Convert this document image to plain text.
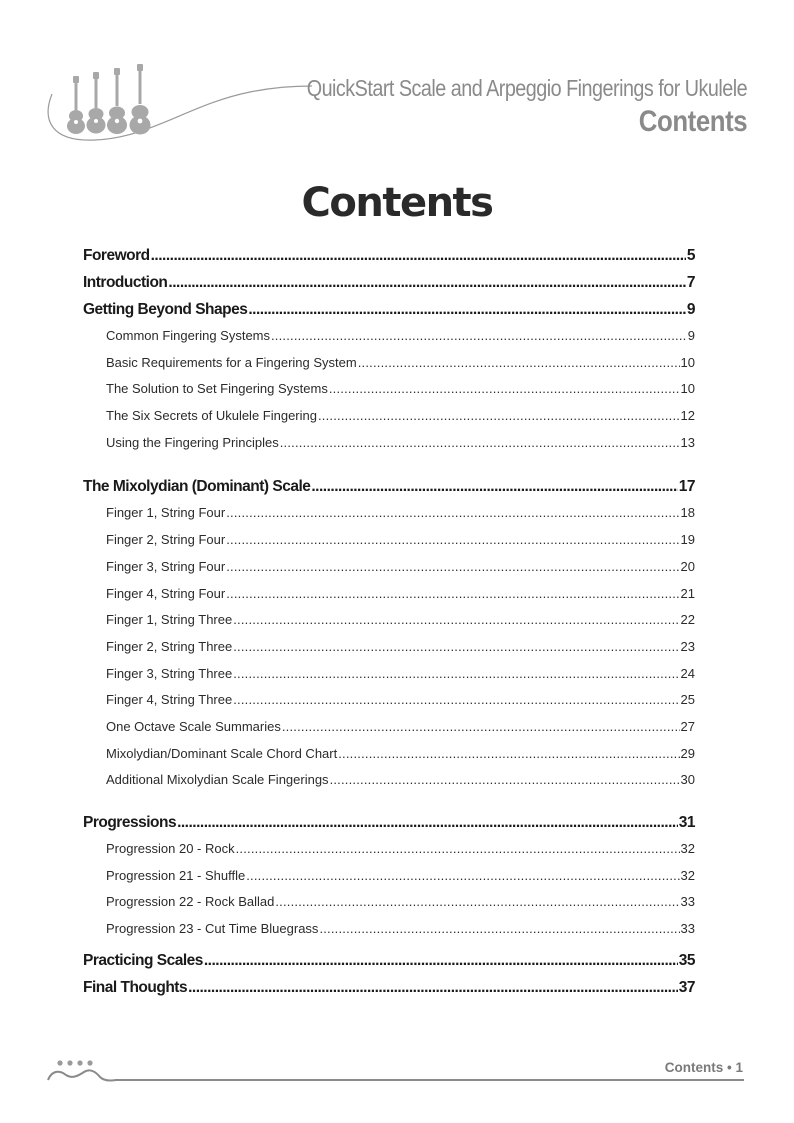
QuickStart Scale and Arpeggio Fingerings for Ukulele
Contents
Contents
Foreword .....	5
Introduction .....	7
Getting Beyond Shapes .....	9
Common Fingering Systems .....	9
Basic Requirements for a Fingering System .....	10
The Solution to Set Fingering Systems .....	10
The Six Secrets of Ukulele Fingering .....	12
Using the Fingering Principles .....	13
The Mixolydian (Dominant) Scale .....	17
Finger 1, String Four .....	18
Finger 2, String Four .....	19
Finger 3, String Four .....	20
Finger 4, String Four .....	21
Finger 1, String Three .....	22
Finger 2, String Three .....	23
Finger 3, String Three .....	24
Finger 4, String Three .....	25
One Octave Scale Summaries .....	27
Mixolydian/Dominant Scale Chord Chart .....	29
Additional Mixolydian Scale Fingerings .....	30
Progressions .....	31
Progression 20 - Rock .....	32
Progression 21 - Shuffle .....	32
Progression 22 - Rock Ballad .....	33
Progression 23 - Cut Time Bluegrass .....	33
Practicing Scales .....	35
Final Thoughts .....	37
Contents • 1
